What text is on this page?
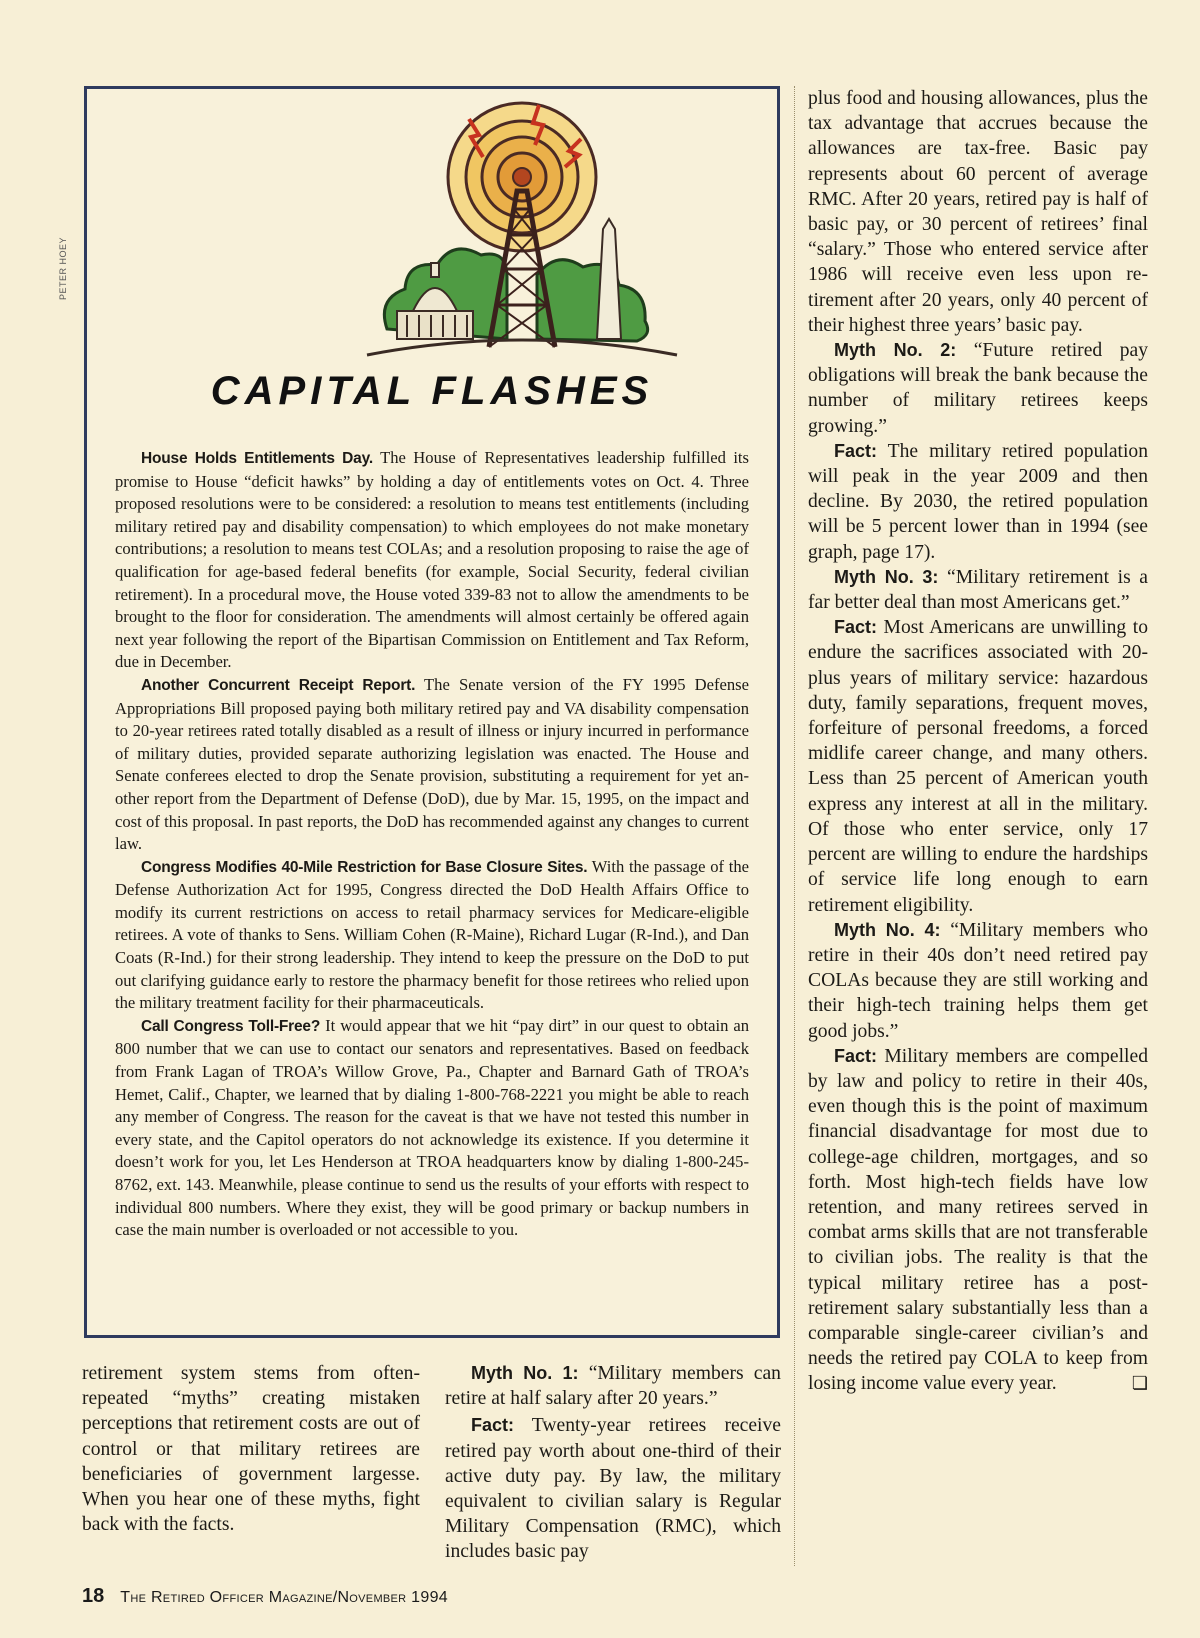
PETER HOEY
CAPITAL FLASHES

House Holds Entitlements Day. The House of Representatives leadership fulfilled its promise to House “deficit hawks” by holding a day of entitlements votes on Oct. 4. Three proposed resolutions were to be considered: a resolution to means test entitlements (including military retired pay and disability compensation) to which employees do not make monetary contributions; a resolution to means test COLAs; and a resolution proposing to raise the age of qualification for age-based federal benefits (for example, Social Security, federal civilian retirement). In a procedural move, the House voted 339-83 not to allow the amendments to be brought to the floor for consideration. The amendments will almost certainly be offered again next year following the report of the Bipartisan Commission on Entitlement and Tax Reform, due in December.

Another Concurrent Receipt Report. The Senate version of the FY 1995 Defense Appropriations Bill proposed paying both military retired pay and VA disability compensation to 20-year retirees rated totally disabled as a result of illness or injury incurred in performance of military duties, provided separate authorizing legislation was enacted. The House and Senate conferees elected to drop the Senate provision, substituting a requirement for yet another report from the Department of Defense (DoD), due by Mar. 15, 1995, on the impact and cost of this proposal. In past reports, the DoD has recommended against any changes to current law.

Congress Modifies 40-Mile Restriction for Base Closure Sites. With the passage of the Defense Authorization Act for 1995, Congress directed the DoD Health Affairs Office to modify its current restrictions on access to retail pharmacy services for Medicare-eligible retirees. A vote of thanks to Sens. William Cohen (R-Maine), Richard Lugar (R-Ind.), and Dan Coats (R-Ind.) for their strong leadership. They intend to keep the pressure on the DoD to put out clarifying guidance early to restore the pharmacy benefit for those retirees who relied upon the military treatment facility for their pharmaceuticals.

Call Congress Toll-Free? It would appear that we hit “pay dirt” in our quest to obtain an 800 number that we can use to contact our senators and representatives. Based on feedback from Frank Lagan of TROA’s Willow Grove, Pa., Chapter and Barnard Gath of TROA’s Hemet, Calif., Chapter, we learned that by dialing 1-800-768-2221 you might be able to reach any member of Congress. The reason for the caveat is that we have not tested this number in every state, and the Capitol operators do not acknowledge its existence. If you determine it doesn’t work for you, let Les Henderson at TROA headquarters know by dialing 1-800-245-8762, ext. 143. Meanwhile, please continue to send us the results of your efforts with respect to individual 800 numbers. Where they exist, they will be good primary or backup numbers in case the main number is overloaded or not accessible to you.

retirement system stems from often-repeated “myths” creating mistaken perceptions that retirement costs are out of control or that military retirees are beneficiaries of government largesse. When you hear one of these myths, fight back with the facts.

Myth No. 1: “Military members can retire at half salary after 20 years.”

Fact: Twenty-year retirees receive retired pay worth about one-third of their active duty pay. By law, the military equivalent to civilian salary is Regular Military Compensation (RMC), which includes basic pay

plus food and housing allowances, plus the tax advantage that accrues because the allowances are tax-free. Basic pay represents about 60 percent of average RMC. After 20 years, retired pay is half of basic pay, or 30 percent of retirees’ final “salary.” Those who entered service after 1986 will receive even less upon retirement after 20 years, only 40 percent of their highest three years’ basic pay.

Myth No. 2: “Future retired pay obligations will break the bank because the number of military retirees keeps growing.”

Fact: The military retired population will peak in the year 2009 and then decline. By 2030, the retired population will be 5 percent lower than in 1994 (see graph, page 17).

Myth No. 3: “Military retirement is a far better deal than most Americans get.”

Fact: Most Americans are unwilling to endure the sacrifices associated with 20-plus years of military service: hazardous duty, family separations, frequent moves, forfeiture of personal freedoms, a forced midlife career change, and many others. Less than 25 percent of American youth express any interest at all in the military. Of those who enter service, only 17 percent are willing to endure the hardships of service life long enough to earn retirement eligibility.

Myth No. 4: “Military members who retire in their 40s don’t need retired pay COLAs because they are still working and their high-tech training helps them get good jobs.”

Fact: Military members are compelled by law and policy to retire in their 40s, even though this is the point of maximum financial disadvantage for most due to college-age children, mortgages, and so forth. Most high-tech fields have low retention, and many retirees served in combat arms skills that are not transferable to civilian jobs. The reality is that the typical military retiree has a post-retirement salary substantially less than a comparable single-career civilian’s and needs the retired pay COLA to keep from losing income value every year.	❏

18 The Retired Officer Magazine/November 1994
